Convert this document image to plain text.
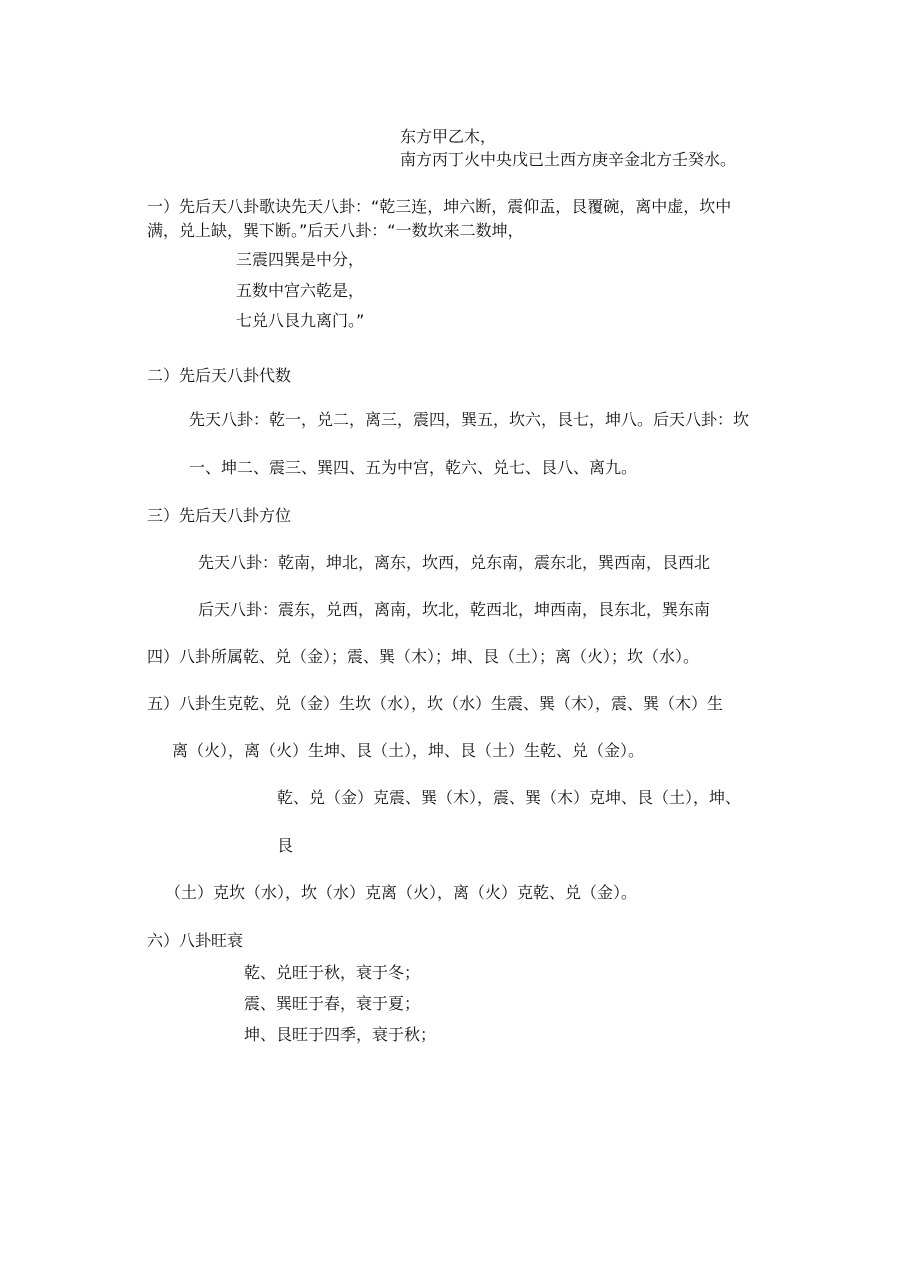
东方甲乙木，
南方丙丁火中央戊已土西方庚辛金北方壬癸水。
一）先后天八卦歌诀先天八卦：“乾三连，坤六断，震仰盂，艮覆碗，离中虚，坎中
满，兑上缺，巽下断。”后天八卦：“一数坎来二数坤，
三震四巽是中分，
五数中宫六乾是，
七兑八艮九离门。”
二）先后天八卦代数
先天八卦：乾一，兑二，离三，震四，巽五，坎六，艮七，坤八。后天八卦：坎
一、坤二、震三、巽四、五为中宫，乾六、兑七、艮八、离九。
三）先后天八卦方位
先天八卦：乾南，坤北，离东，坎西，兑东南，震东北，巽西南，艮西北
后天八卦：震东，兑西，离南，坎北，乾西北，坤西南，艮东北，巽东南
四）八卦所属乾、兑（金）；震、巽（木）；坤、艮（土）；离（火）；坎（水）。
五）八卦生克乾、兑（金）生坎（水），坎（水）生震、巽（木），震、巽（木）生
离（火），离（火）生坤、艮（土），坤、艮（土）生乾、兑（金）。
乾、兑（金）克震、巽（木），震、巽（木）克坤、艮（土），坤、
艮
（土）克坎（水），坎（水）克离（火），离（火）克乾、兑（金）。
六）八卦旺衰
乾、兑旺于秋，衰于冬；
震、巽旺于春，衰于夏；
坤、艮旺于四季，衰于秋；
